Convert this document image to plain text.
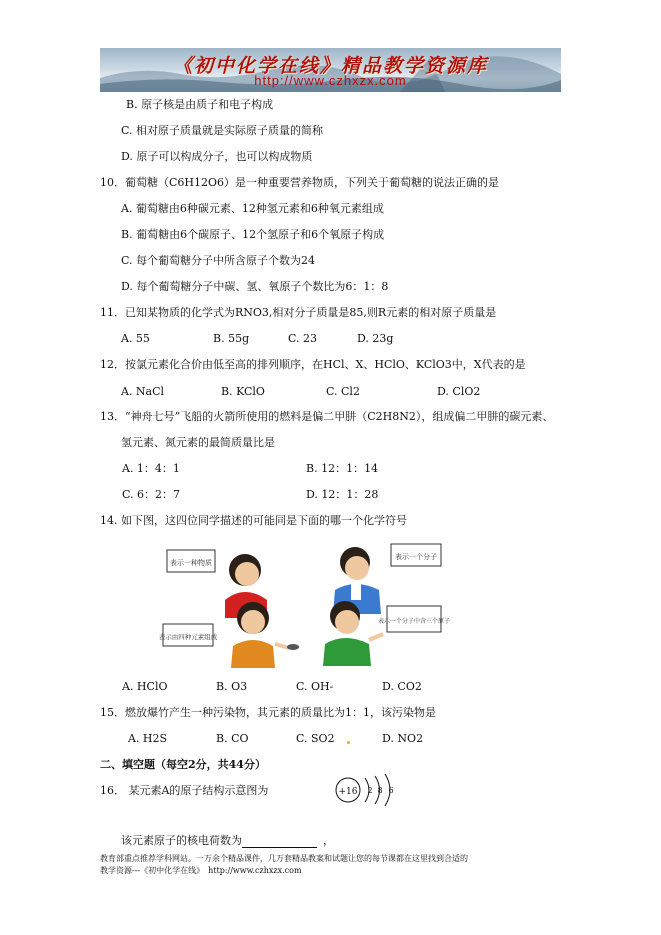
《初中化学在线》精品教学资源库
http://www.czhxzx.com
B. 原子核是由质子和电子构成
C. 相对原子质量就是实际原子质量的简称
D. 原子可以构成分子，也可以构成物质
10．葡萄糖（C6H12O6）是一种重要营养物质，下列关于葡萄糖的说法正确的是
A. 葡萄糖由6种碳元素、12种氢元素和6种氧元素组成
B. 葡萄糖由6个碳原子、12个氢原子和6个氧原子构成
C. 每个葡萄糖分子中所含原子个数为24
D. 每个葡萄糖分子中碳、氢、氧原子个数比为6：1：8
11．已知某物质的化学式为RNO3,相对分子质量是85,则R元素的相对原子质量是
A. 55	B. 55g	C. 23	D. 23g
12．按氯元素化合价由低至高的排列顺序，在HCl、X、HClO、KClO3中，X代表的是
A. NaCl	B. KClO	C. Cl2	D. ClO2
13．“神舟七号”飞船的火箭所使用的燃料是偏二甲肼（C2H8N2），组成偏二甲肼的碳元素、
氢元素、氮元素的最简质量比是
A. 1：4：1	B. 12：1：14
C. 6：2：7	D. 12：1：28
14. 如下图，这四位同学描述的可能同是下面的哪一个化学符号
表示一种物质
表示一个分子
表示由四种元素组成
表示一个分子中含三个原子
A. HClO	B. O3	C. OH-	D. CO2
15．燃放爆竹产生一种污染物，其元素的质量比为1：1，该污染物是
A. H2S	B. CO	C. SO2	D. NO2
二、填空题（每空2分，共44分）
16． 某元素A的原子结构示意图为	+16 2 8 6
该元素原子的核电荷数为	，
教育部重点推荐学科网站。一万余个精品课件，几万套精品教案和试题让您的每节课都在这里找到合适的
教学资源---《初中化学在线》 http://www.czhxzx.com
